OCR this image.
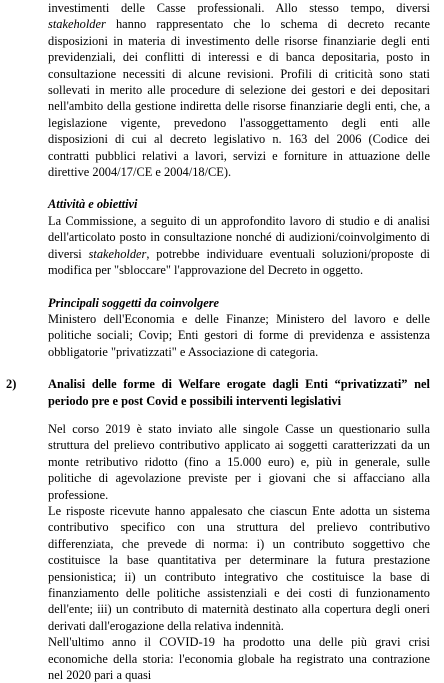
investimenti delle Casse professionali. Allo stesso tempo, diversi stakeholder hanno rappresentato che lo schema di decreto recante disposizioni in materia di investimento delle risorse finanziarie degli enti previdenziali, dei conflitti di interessi e di banca depositaria, posto in consultazione necessiti di alcune revisioni. Profili di criticità sono stati sollevati in merito alle procedure di selezione dei gestori e dei depositari nell'ambito della gestione indiretta delle risorse finanziarie degli enti, che, a legislazione vigente, prevedono l'assoggettamento degli enti alle disposizioni di cui al decreto legislativo n. 163 del 2006 (Codice dei contratti pubblici relativi a lavori, servizi e forniture in attuazione delle direttive 2004/17/CE e 2004/18/CE).

Attività e obiettivi

La Commissione, a seguito di un approfondito lavoro di studio e di analisi dell'articolato posto in consultazione nonché di audizioni/coinvolgimento di diversi stakeholder, potrebbe individuare eventuali soluzioni/proposte di modifica per "sbloccare" l'approvazione del Decreto in oggetto.

Principali soggetti da coinvolgere

Ministero dell'Economia e delle Finanze; Ministero del lavoro e delle politiche sociali; Covip; Enti gestori di forme di previdenza e assistenza obbligatorie "privatizzati" e Associazione di categoria.

2)	Analisi delle forme di Welfare erogate dagli Enti “privatizzati” nel periodo pre e post Covid e possibili interventi legislativi

Nel corso 2019 è stato inviato alle singole Casse un questionario sulla struttura del prelievo contributivo applicato ai soggetti caratterizzati da un monte retributivo ridotto (fino a 15.000 euro) e, più in generale, sulle politiche di agevolazione previste per i giovani che si affacciano alla professione.

Le risposte ricevute hanno appalesato che ciascun Ente adotta un sistema contributivo specifico con una struttura del prelievo contributivo differenziata, che prevede di norma: i) un contributo soggettivo che costituisce la base quantitativa per determinare la futura prestazione pensionistica; ii) un contributo integrativo che costituisce la base di finanziamento delle politiche assistenziali e dei costi di funzionamento dell'ente; iii) un contributo di maternità destinato alla copertura degli oneri derivati dall'erogazione della relativa indennità.

Nell'ultimo anno il COVID-19 ha prodotto una delle più gravi crisi economiche della storia: l'economia globale ha registrato una contrazione nel 2020 pari a quasi
